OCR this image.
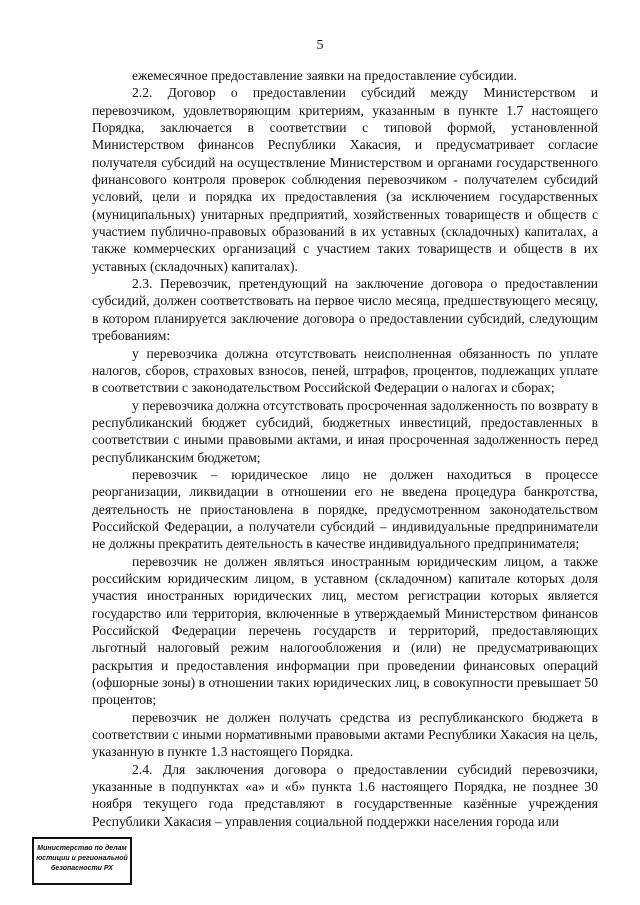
5

ежемесячное предоставление заявки на предоставление субсидии.

2.2. Договор о предоставлении субсидий между Министерством и перевозчиком, удовлетворяющим критериям, указанным в пункте 1.7 настоящего Порядка, заключается в соответствии с типовой формой, установленной Министерством финансов Республики Хакасия, и предусматривает согласие получателя субсидий на осуществление Министерством и органами государственного финансового контроля проверок соблюдения перевозчиком - получателем субсидий условий, цели и порядка их предоставления (за исключением государственных (муниципальных) унитарных предприятий, хозяйственных товариществ и обществ с участием публично-правовых образований в их уставных (складочных) капиталах, а также коммерческих организаций с участием таких товариществ и обществ в их уставных (складочных) капиталах).

2.3. Перевозчик, претендующий на заключение договора о предоставлении субсидий, должен соответствовать на первое число месяца, предшествующего месяцу, в котором планируется заключение договора о предоставлении субсидий, следующим требованиям:

у перевозчика должна отсутствовать неисполненная обязанность по уплате налогов, сборов, страховых взносов, пеней, штрафов, процентов, подлежащих уплате в соответствии с законодательством Российской Федерации о налогах и сборах;

у перевозчика должна отсутствовать просроченная задолженность по возврату в республиканский бюджет субсидий, бюджетных инвестиций, предоставленных в соответствии с иными правовыми актами, и иная просроченная задолженность перед республиканским бюджетом;

перевозчик – юридическое лицо не должен находиться в процессе реорганизации, ликвидации в отношении его не введена процедура банкротства, деятельность не приостановлена в порядке, предусмотренном законодательством Российской Федерации, а получатели субсидий – индивидуальные предприниматели не должны прекратить деятельность в качестве индивидуального предпринимателя;

перевозчик не должен являться иностранным юридическим лицом, а также российским юридическим лицом, в уставном (складочном) капитале которых доля участия иностранных юридических лиц, местом регистрации которых является государство или территория, включенные в утверждаемый Министерством финансов Российской Федерации перечень государств и территорий, предоставляющих льготный налоговый режим налогообложения и (или) не предусматривающих раскрытия и предоставления информации при проведении финансовых операций (офшорные зоны) в отношении таких юридических лиц, в совокупности превышает 50 процентов;

перевозчик не должен получать средства из республиканского бюджета в соответствии с иными нормативными правовыми актами Республики Хакасия на цель, указанную в пункте 1.3 настоящего Порядка.

2.4. Для заключения договора о предоставлении субсидий перевозчики, указанные в подпунктах «а» и «б» пункта 1.6 настоящего Порядка, не позднее 30 ноября текущего года представляют в государственные казённые учреждения Республики Хакасия – управления социальной поддержки населения города или

Министерство по делам
юстиции и региональной
безопасности РХ
